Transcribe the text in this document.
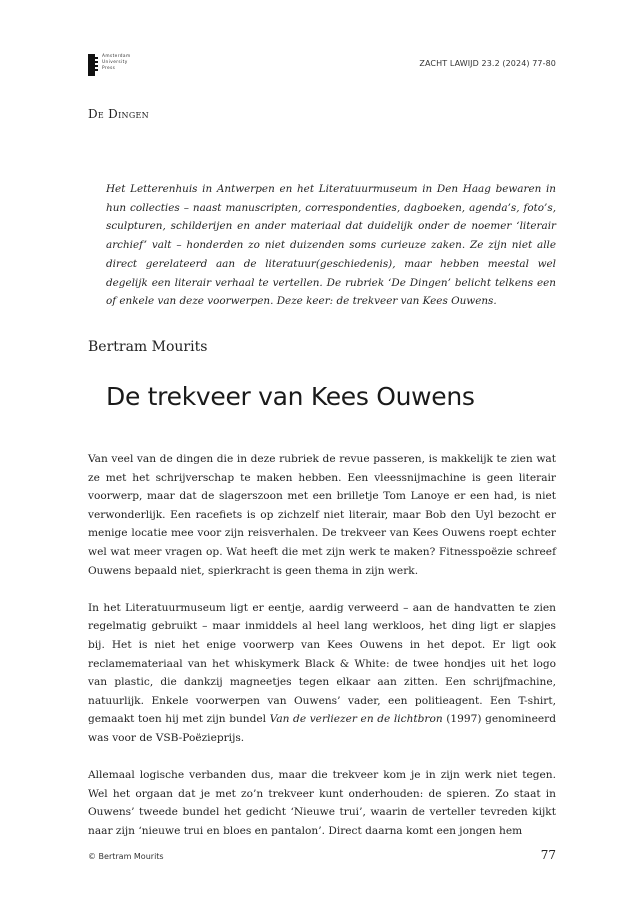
Amsterdam
University
Press
ZACHT LAWIJD 23.2 (2024) 77-80
De Dingen

Het Letterenhuis in Antwerpen en het Literatuurmuseum in Den Haag bewaren in hun collecties – naast manuscripten, correspondenties, dagboeken, agenda’s, foto’s, sculpturen, schilderijen en ander materiaal dat duidelijk onder de noemer ‘literair archief’ valt – honderden zo niet duizenden soms curieuze zaken. Ze zijn niet alle direct gerelateerd aan de literatuur(geschiedenis), maar hebben meestal wel degelijk een literair verhaal te vertellen. De rubriek ‘De Dingen’ belicht telkens een of enkele van deze voorwerpen. Deze keer: de trekveer van Kees Ouwens.

Bertram Mourits
De trekveer van Kees Ouwens

Van veel van de dingen die in deze rubriek de revue passeren, is makkelijk te zien wat ze met het schrijverschap te maken hebben. Een vleessnijmachine is geen literair voorwerp, maar dat de slagerszoon met een brilletje Tom Lanoye er een had, is niet verwonderlijk. Een racefiets is op zichzelf niet literair, maar Bob den Uyl bezocht er menige locatie mee voor zijn reisverhalen. De trekveer van Kees Ouwens roept echter wel wat meer vragen op. Wat heeft die met zijn werk te maken? Fitnesspoëzie schreef Ouwens bepaald niet, spierkracht is geen thema in zijn werk.

In het Literatuurmuseum ligt er eentje, aardig verweerd – aan de handvatten te zien regelmatig gebruikt – maar inmiddels al heel lang werkloos, het ding ligt er slapjes bij. Het is niet het enige voorwerp van Kees Ouwens in het depot. Er ligt ook reclamemateriaal van het whiskymerk Black & White: de twee hondjes uit het logo van plastic, die dankzij magneetjes tegen elkaar aan zitten. Een schrijfmachine, natuurlijk. Enkele voorwerpen van Ouwens’ vader, een politieagent. Een T-shirt, gemaakt toen hij met zijn bundel Van de verliezer en de lichtbron (1997) genomineerd was voor de VSB-Poëzieprijs.

Allemaal logische verbanden dus, maar die trekveer kom je in zijn werk niet tegen. Wel het orgaan dat je met zo’n trekveer kunt onderhouden: de spieren. Zo staat in Ouwens’ tweede bundel het gedicht ‘Nieuwe trui’, waarin de verteller tevreden kijkt naar zijn ‘nieuwe trui en bloes en pantalon’. Direct daarna komt een jongen hem

© Bertram Mourits	77
